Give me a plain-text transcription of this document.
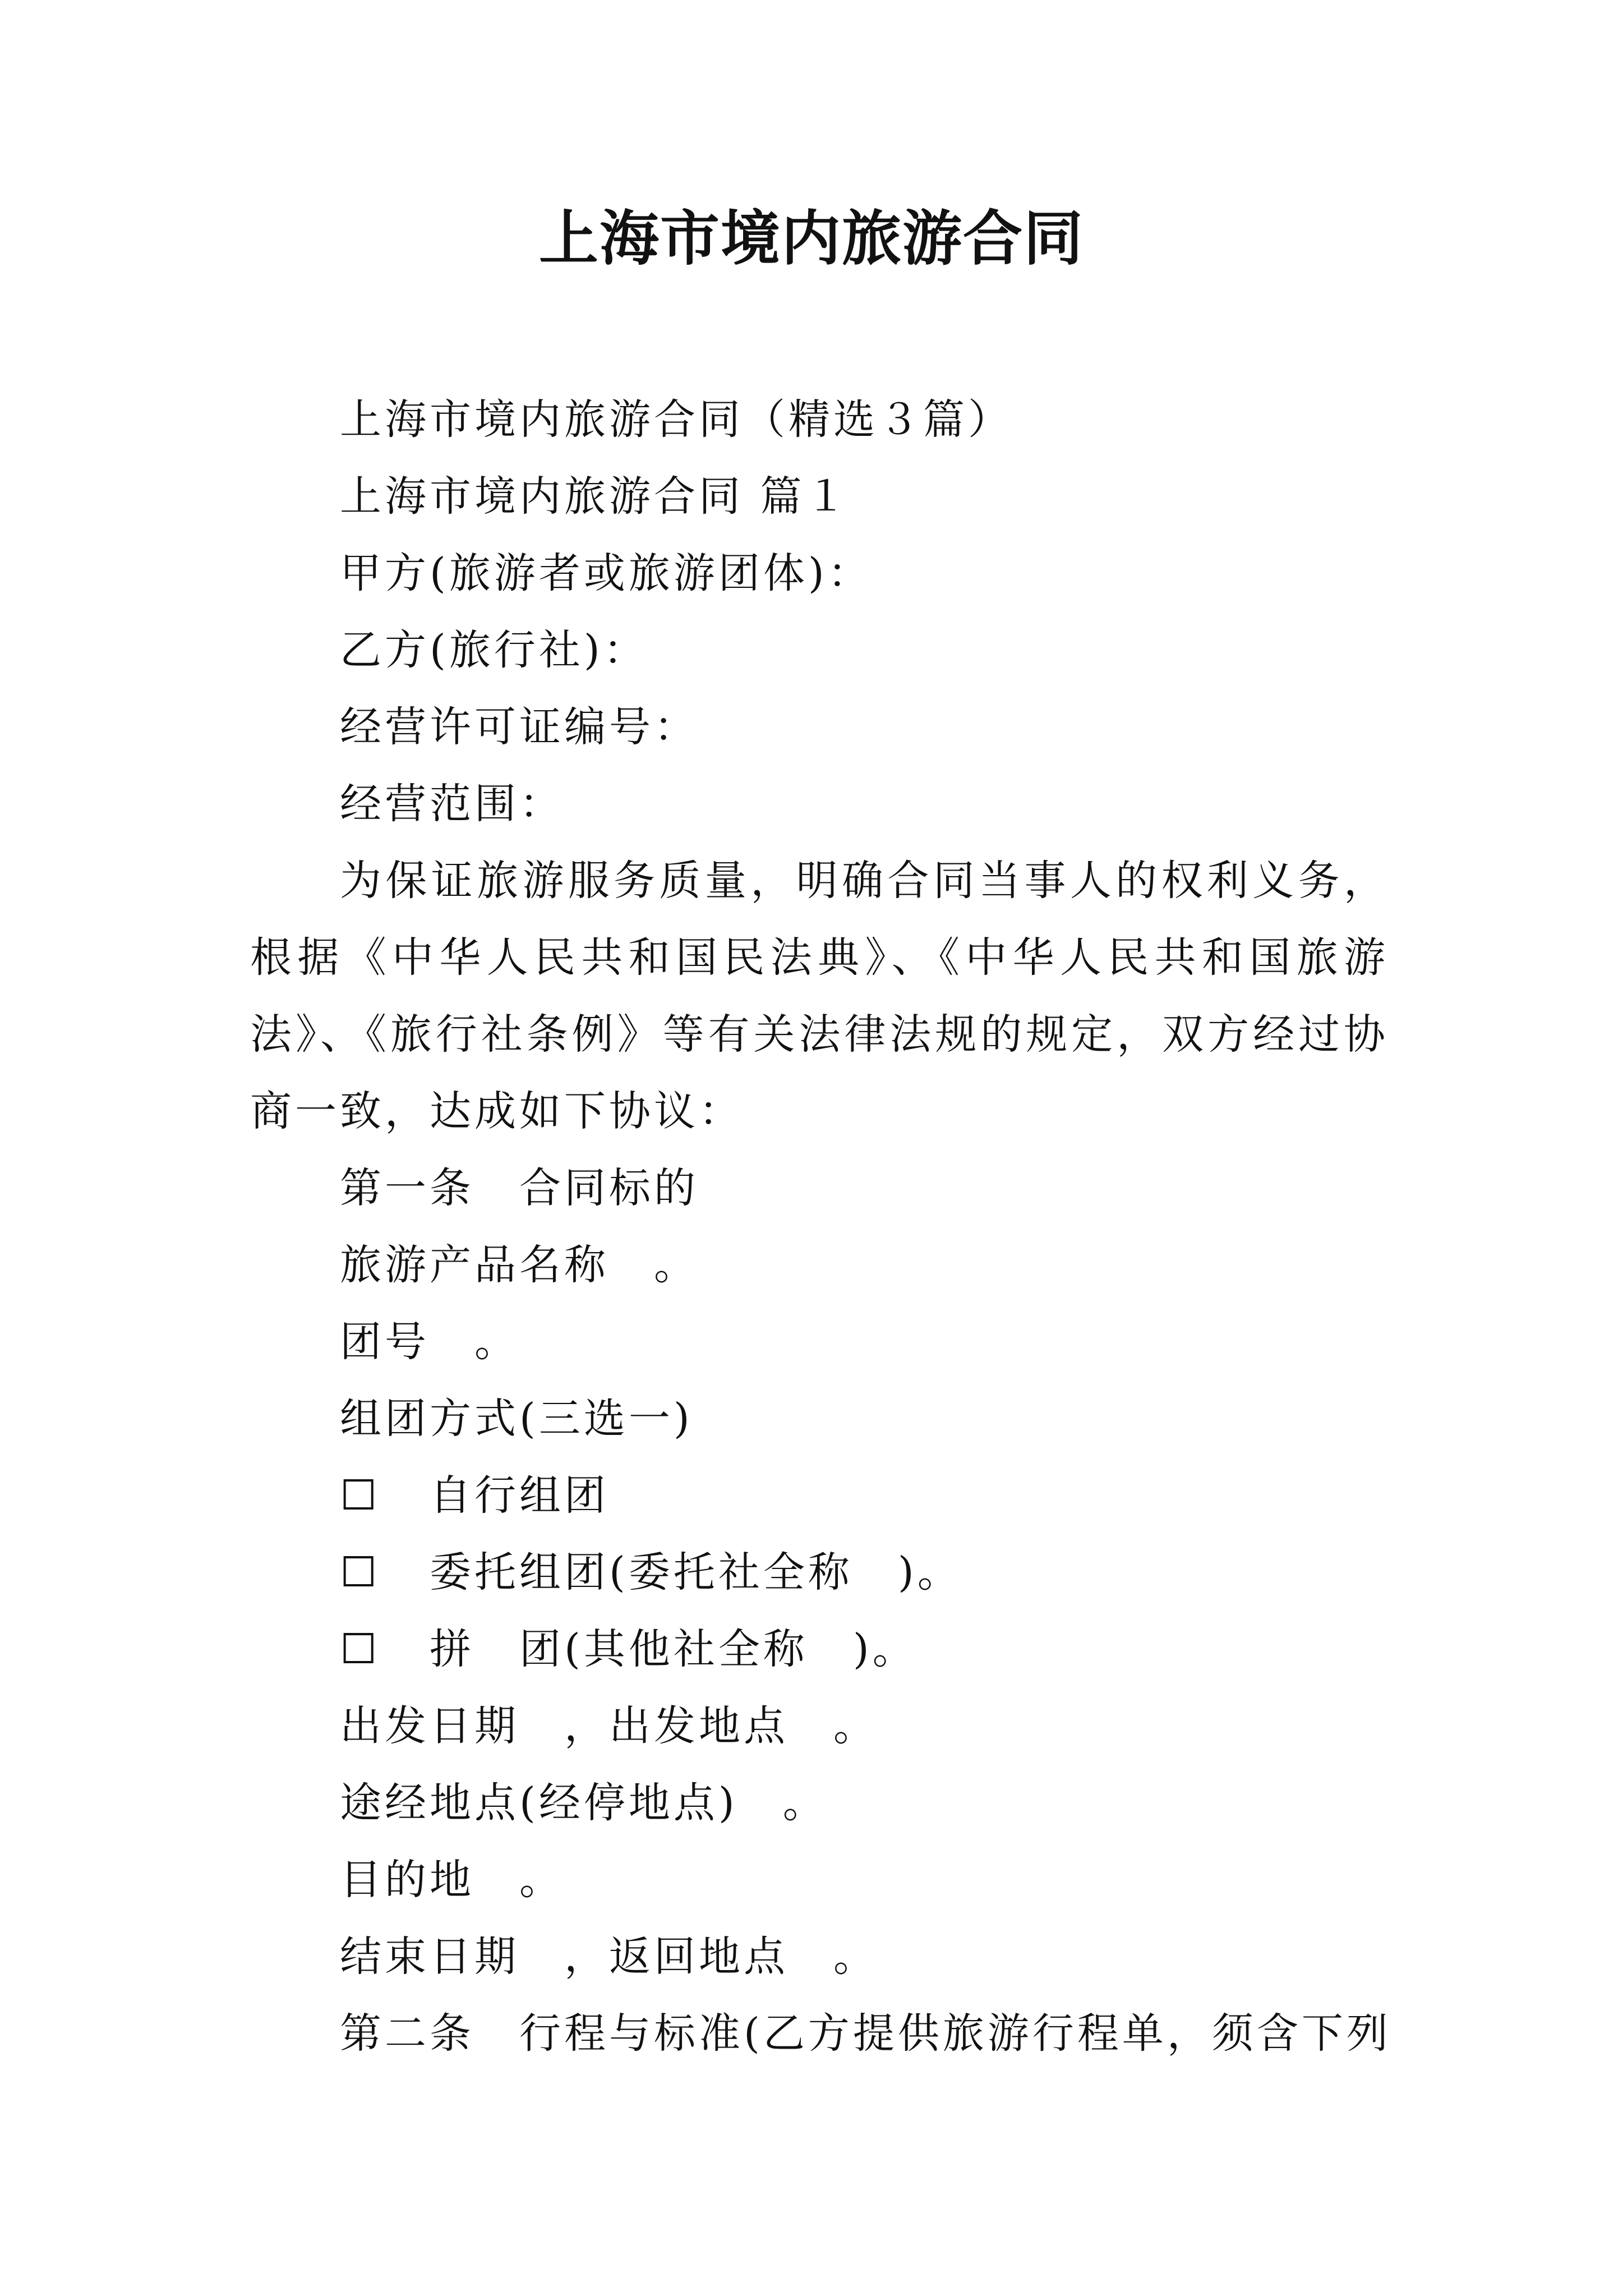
上海市境内旅游合同

上海市境内旅游合同（精选３篇）

上海市境内旅游合同 篇１

甲方(旅游者或旅游团体)：

乙方(旅行社)：

经营许可证编号：

经营范围：

为保证旅游服务质量，明确合同当事人的权利义务，根据《中华人民共和国民法典》、《中华人民共和国旅游法》、《旅行社条例》等有关法律法规的规定，双方经过协商一致，达成如下协议：

第一条　合同标的

旅游产品名称　。

团号　。

组团方式(三选一)

☐ 自行组团

☐ 委托组团(委托社全称　)。

☐ 拼　团(其他社全称　)。

出发日期　，出发地点　。

途经地点(经停地点)　。

目的地　。

结束日期　，返回地点　。

第二条　行程与标准(乙方提供旅游行程单，须含下列
